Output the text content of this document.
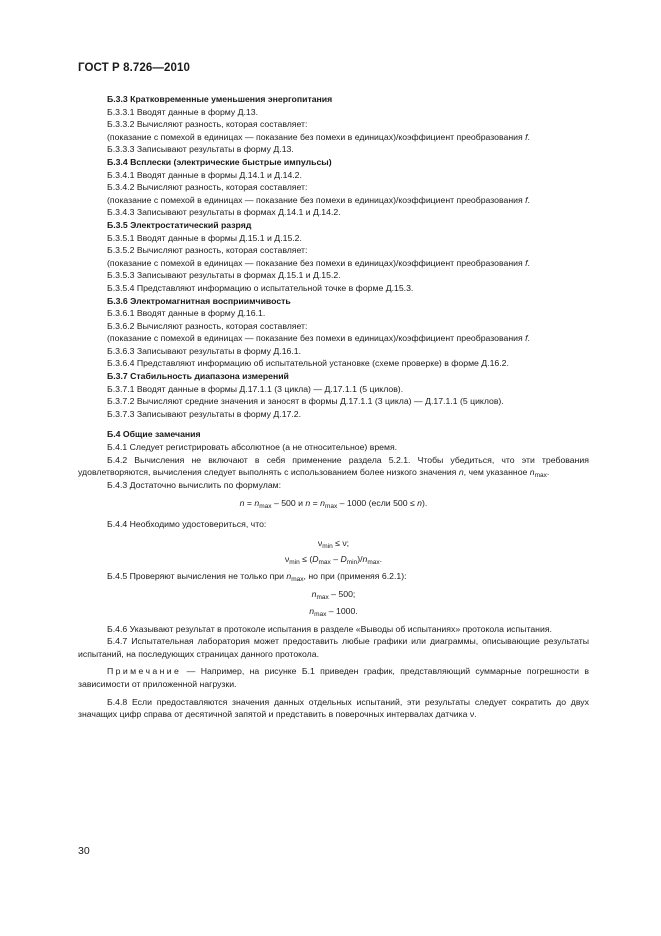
ГОСТ Р 8.726—2010

Б.3.3 Кратковременные уменьшения энергопитания

Б.3.3.1 Вводят данные в форму Д.13.

Б.3.3.2 Вычисляют разность, которая составляет:

(показание с помехой в единицах — показание без помехи в единицах)/коэффициент преобразования f.

Б.3.3.3 Записывают результаты в форму Д.13.

Б.3.4 Всплески (электрические быстрые импульсы)

Б.3.4.1 Вводят данные в формы Д.14.1 и Д.14.2.

Б.3.4.2 Вычисляют разность, которая составляет:

(показание с помехой в единицах — показание без помехи в единицах)/коэффициент преобразования f.

Б.3.4.3 Записывают результаты в формах Д.14.1 и Д.14.2.

Б.3.5 Электростатический разряд

Б.3.5.1 Вводят данные в формы Д.15.1 и Д.15.2.

Б.3.5.2 Вычисляют разность, которая составляет:

(показание с помехой в единицах — показание без помехи в единицах)/коэффициент преобразования f.

Б.3.5.3 Записывают результаты в формах Д.15.1 и Д.15.2.

Б.3.5.4 Представляют информацию о испытательной точке в форме Д.15.3.

Б.3.6 Электромагнитная восприимчивость

Б.3.6.1 Вводят данные в форму Д.16.1.

Б.3.6.2 Вычисляют разность, которая составляет:

(показание с помехой в единицах — показание без помехи в единицах)/коэффициент преобразования f.

Б.3.6.3 Записывают результаты в форму Д.16.1.

Б.3.6.4 Представляют информацию об испытательной установке (схеме проверке) в форме Д.16.2.

Б.3.7 Стабильность диапазона измерений

Б.3.7.1 Вводят данные в формы Д.17.1.1 (3 цикла) — Д.17.1.1 (5 циклов).

Б.3.7.2 Вычисляют средние значения и заносят в формы Д.17.1.1 (3 цикла) — Д.17.1.1 (5 циклов).

Б.3.7.3 Записывают результаты в форму Д.17.2.

Б.4 Общие замечания

Б.4.1 Следует регистрировать абсолютное (а не относительное) время.

Б.4.2 Вычисления не включают в себя применение раздела 5.2.1. Чтобы убедиться, что эти требования удовлетворяются, вычисления следует выполнять с использованием более низкого значения n, чем указанное $n_{max}$.

Б.4.3 Достаточно вычислить по формулам:

$n = n_{max} - 500$ и $n = n_{max} - 1000$ (если 500 ≤ n).

Б.4.4 Необходимо удостовериться, что:

$\nu_{min} \le \nu$;

$\nu_{min} \le (D_{max} - D_{min})/n_{max}$.

Б.4.5 Проверяют вычисления не только при $n_{max}$, но при (применяя 6.2.1):

$n_{max} - 500$;

$n_{max} - 1000$.

Б.4.6 Указывают результат в протоколе испытания в разделе «Выводы об испытаниях» протокола испытания.

Б.4.7 Испытательная лаборатория может предоставить любые графики или диаграммы, описывающие результаты испытаний, на последующих страницах данного протокола.

Примечание — Например, на рисунке Б.1 приведен график, представляющий суммарные погрешности в зависимости от приложенной нагрузки.

Б.4.8 Если предоставляются значения данных отдельных испытаний, эти результаты следует сократить до двух значащих цифр справа от десятичной запятой и представить в поверочных интервалах датчика ν.

30
